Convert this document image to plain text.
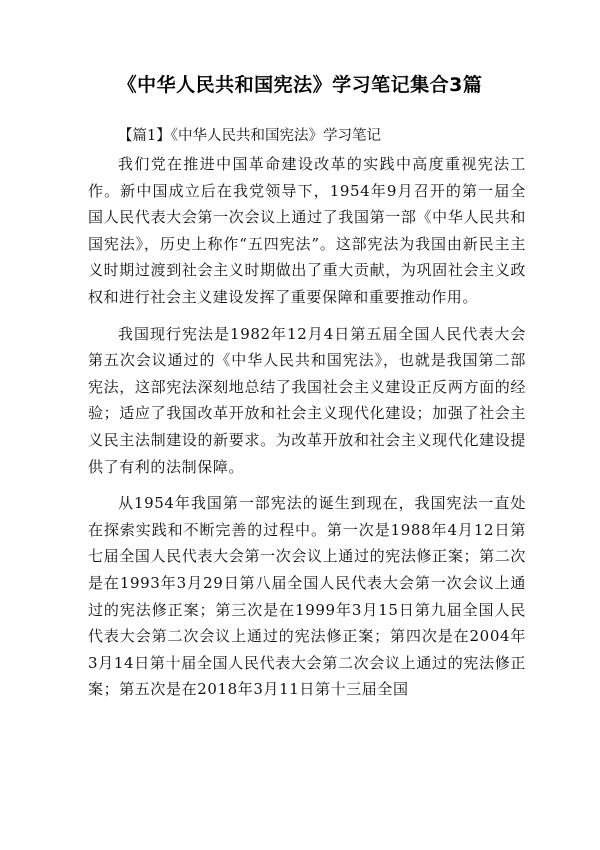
《中华人民共和国宪法》学习笔记集合3篇
【篇1】《中华人民共和国宪法》学习笔记

我们党在推进中国革命建设改革的实践中高度重视宪法工作。新中国成立后在我党领导下，1954年9月召开的第一届全国人民代表大会第一次会议上通过了我国第一部《中华人民共和国宪法》，历史上称作“五四宪法”。这部宪法为我国由新民主主义时期过渡到社会主义时期做出了重大贡献，为巩固社会主义政权和进行社会主义建设发挥了重要保障和重要推动作用。

我国现行宪法是1982年12月4日第五届全国人民代表大会第五次会议通过的《中华人民共和国宪法》，也就是我国第二部宪法，这部宪法深刻地总结了我国社会主义建设正反两方面的经验；适应了我国改革开放和社会主义现代化建设；加强了社会主义民主法制建设的新要求。为改革开放和社会主义现代化建设提供了有利的法制保障。

从1954年我国第一部宪法的诞生到现在，我国宪法一直处在探索实践和不断完善的过程中。第一次是1988年4月12日第七届全国人民代表大会第一次会议上通过的宪法修正案；第二次是在1993年3月29日第八届全国人民代表大会第一次会议上通过的宪法修正案；第三次是在1999年3月15日第九届全国人民代表大会第二次会议上通过的宪法修正案；第四次是在2004年3月14日第十届全国人民代表大会第二次会议上通过的宪法修正案；第五次是在2018年3月11日第十三届全国
